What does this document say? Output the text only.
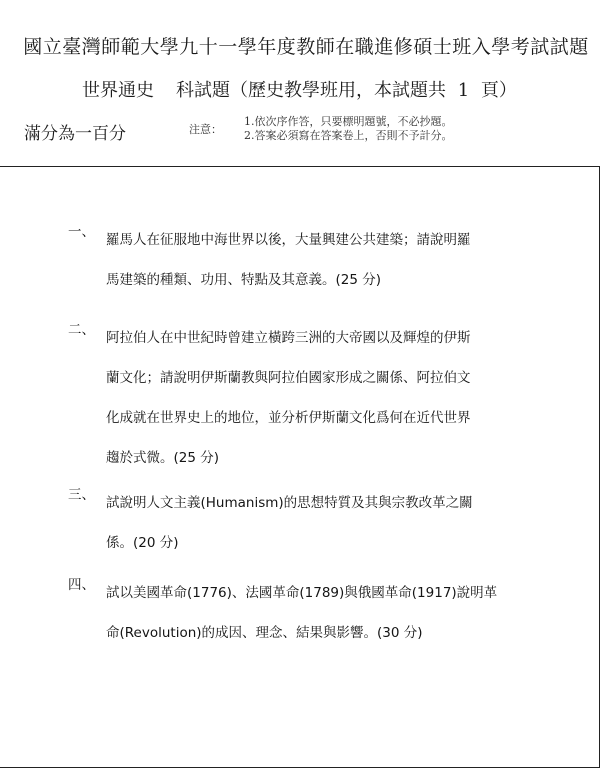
國立臺灣師範大學九十一學年度教師在職進修碩士班入學考試試題
世界通史 科試題（歷史教學班用，本試題共 1 頁）
滿分為一百分	注意：
1.依次序作答，只要標明題號，不必抄題。
2.答案必須寫在答案卷上，否則不予計分。
一、 羅馬人在征服地中海世界以後，大量興建公共建築；請說明羅
馬建築的種類、功用、特點及其意義。(25 分)
二、 阿拉伯人在中世紀時曾建立橫跨三洲的大帝國以及輝煌的伊斯
蘭文化；請說明伊斯蘭教與阿拉伯國家形成之關係、阿拉伯文
化成就在世界史上的地位，並分析伊斯蘭文化爲何在近代世界
趨於式微。(25 分)
三、 試說明人文主義(Humanism)的思想特質及其與宗教改革之關
係。(20 分)
四、 試以美國革命(1776)、法國革命(1789)與俄國革命(1917)說明革
命(Revolution)的成因、理念、結果與影響。(30 分)
